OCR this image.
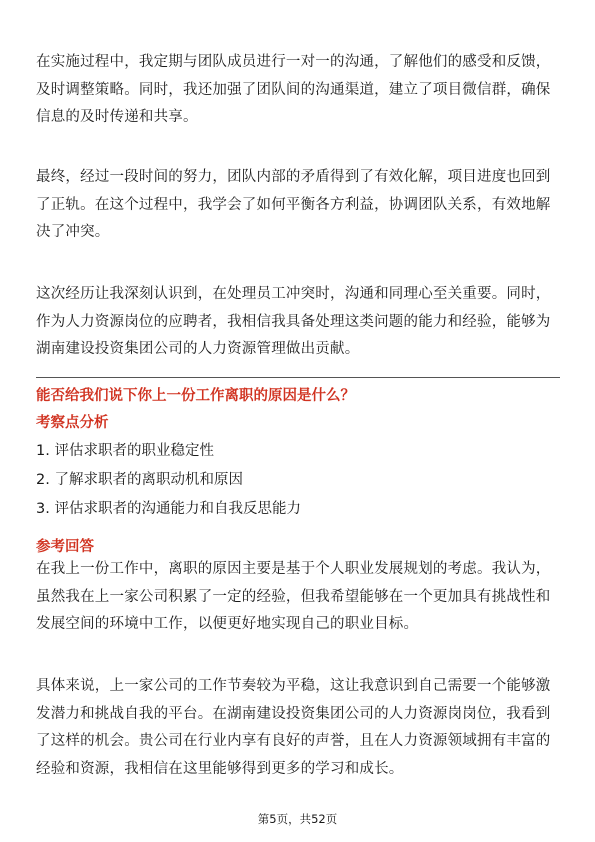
在实施过程中，我定期与团队成员进行一对一的沟通，了解他们的感受和反馈，及时调整策略。同时，我还加强了团队间的沟通渠道，建立了项目微信群，确保信息的及时传递和共享。

最终，经过一段时间的努力，团队内部的矛盾得到了有效化解，项目进度也回到了正轨。在这个过程中，我学会了如何平衡各方利益，协调团队关系，有效地解决了冲突。

这次经历让我深刻认识到，在处理员工冲突时，沟通和同理心至关重要。同时，作为人力资源岗位的应聘者，我相信我具备处理这类问题的能力和经验，能够为湖南建设投资集团公司的人力资源管理做出贡献。

能否给我们说下你上一份工作离职的原因是什么？

考察点分析

1. 评估求职者的职业稳定性

2. 了解求职者的离职动机和原因

3. 评估求职者的沟通能力和自我反思能力

参考回答

在我上一份工作中，离职的原因主要是基于个人职业发展规划的考虑。我认为，虽然我在上一家公司积累了一定的经验，但我希望能够在一个更加具有挑战性和发展空间的环境中工作，以便更好地实现自己的职业目标。

具体来说，上一家公司的工作节奏较为平稳，这让我意识到自己需要一个能够激发潜力和挑战自我的平台。在湖南建设投资集团公司的人力资源岗岗位，我看到了这样的机会。贵公司在行业内享有良好的声誉，且在人力资源领域拥有丰富的经验和资源，我相信在这里能够得到更多的学习和成长。

第5页，共52页
